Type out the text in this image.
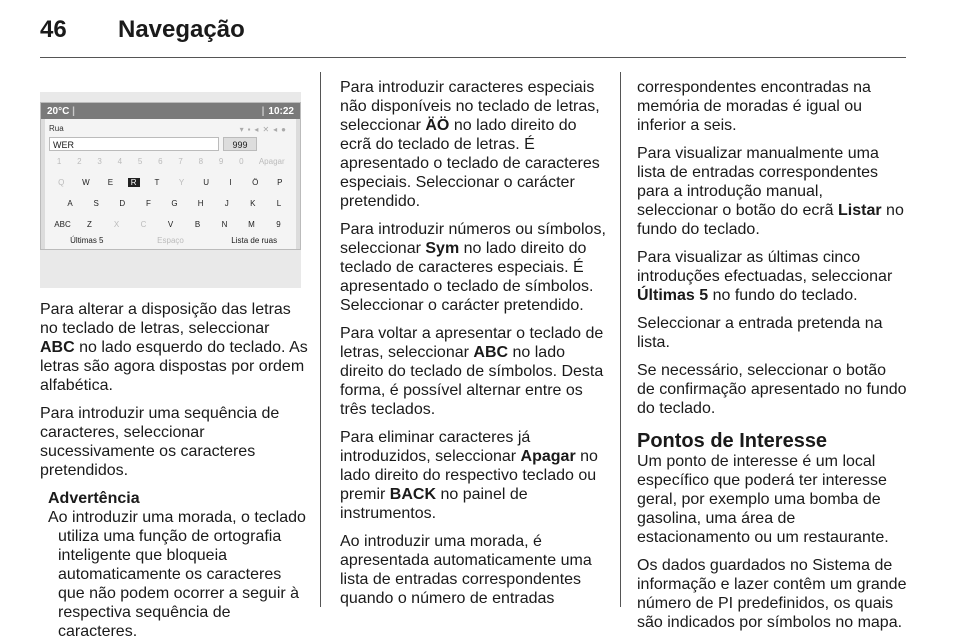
46 Navegação
20°C |	| 10:22
Rua	▾▪◂✕◂●
WER	999
1	2	3	4	5	6	7	8	9	0	Apagar
Q	W	E	R	T	Y	U	I	Ö	P
A	S	D	F	G	H	J	K	L
ABC	Z	X	C	V	B	N	M	9
Últimas 5	Espaço	Lista de ruas

Para alterar a disposição das letras no teclado de letras, seleccionar ABC no lado esquerdo do teclado. As letras são agora dispostas por ordem alfabética.

Para introduzir uma sequência de caracteres, seleccionar sucessivamente os caracteres pretendidos.

Advertência
Ao introduzir uma morada, o teclado utiliza uma função de ortografia inteligente que bloqueia automaticamente os caracteres que não podem ocorrer a seguir à respectiva sequência de caracteres.

Para introduzir caracteres especiais não disponíveis no teclado de letras, seleccionar ÄÖ no lado direito do ecrã do teclado de letras. É apresentado o teclado de caracteres especiais. Seleccionar o carácter pretendido.

Para introduzir números ou símbolos, seleccionar Sym no lado direito do teclado de caracteres especiais. É apresentado o teclado de símbolos. Seleccionar o carácter pretendido.

Para voltar a apresentar o teclado de letras, seleccionar ABC no lado direito do teclado de símbolos. Desta forma, é possível alternar entre os três teclados.

Para eliminar caracteres já introduzidos, seleccionar Apagar no lado direito do respectivo teclado ou premir BACK no painel de instrumentos.

Ao introduzir uma morada, é apresentada automaticamente uma lista de entradas correspondentes quando o número de entradas

correspondentes encontradas na memória de moradas é igual ou inferior a seis.

Para visualizar manualmente uma lista de entradas correspondentes para a introdução manual, seleccionar o botão do ecrã Listar no fundo do teclado.

Para visualizar as últimas cinco introduções efectuadas, seleccionar Últimas 5 no fundo do teclado.

Seleccionar a entrada pretenda na lista.

Se necessário, seleccionar o botão de confirmação apresentado no fundo do teclado.

Pontos de Interesse

Um ponto de interesse é um local específico que poderá ter interesse geral, por exemplo uma bomba de gasolina, uma área de estacionamento ou um restaurante.

Os dados guardados no Sistema de informação e lazer contêm um grande número de PI predefinidos, os quais são indicados por símbolos no mapa.
